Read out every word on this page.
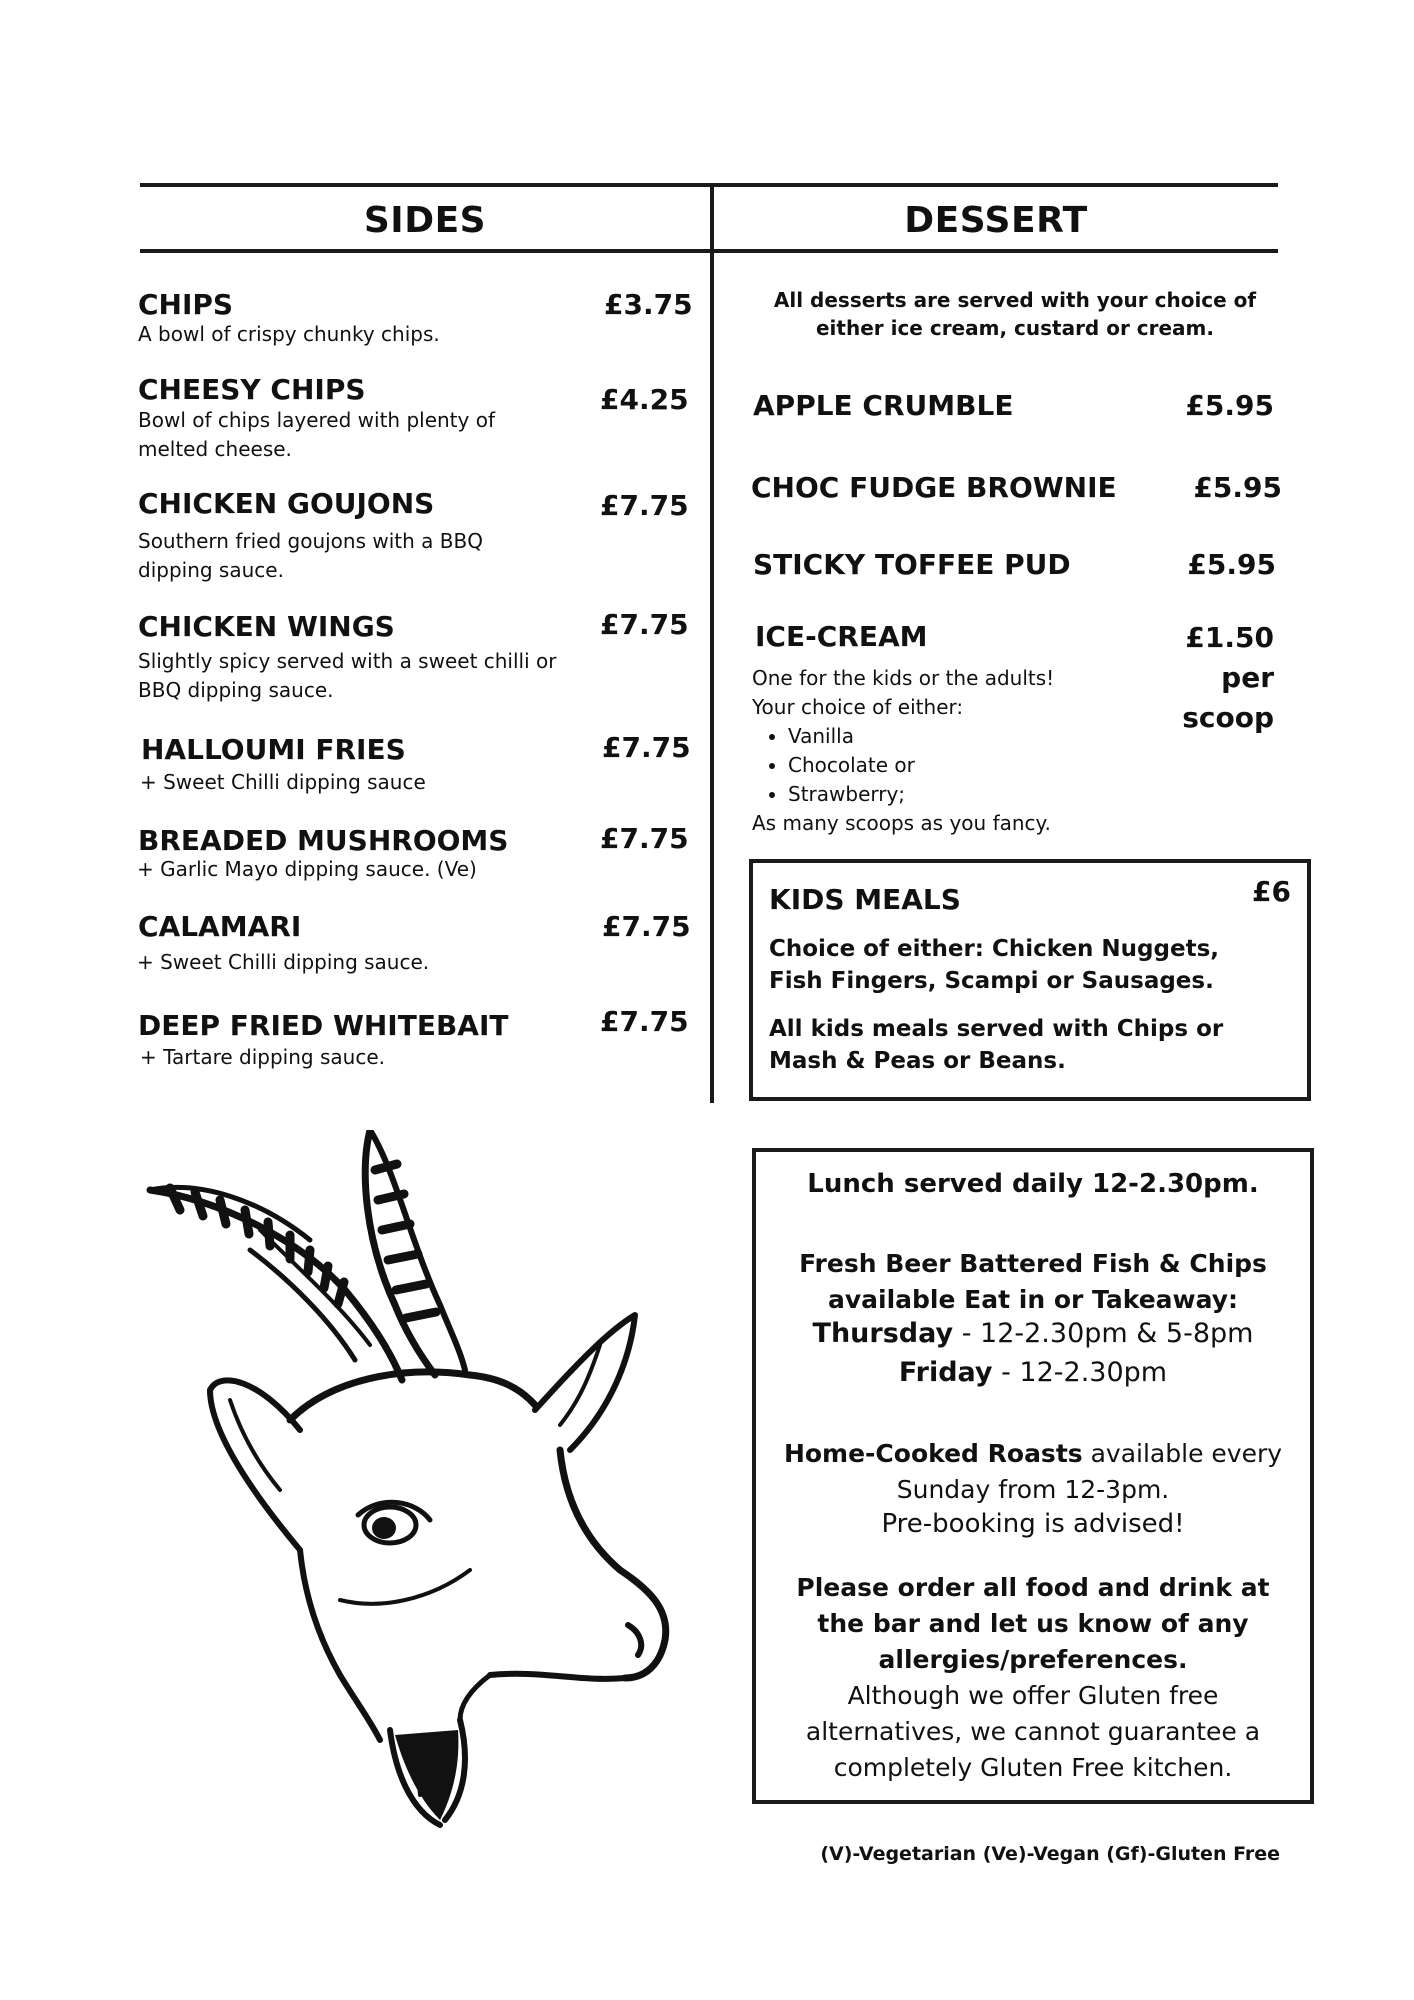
SIDES	DESSERT
CHIPS	£3.75
A bowl of crispy chunky chips.
CHEESY CHIPS	£4.25
Bowl of chips layered with plenty of melted cheese.
CHICKEN GOUJONS	£7.75
Southern fried goujons with a BBQ dipping sauce.
CHICKEN WINGS	£7.75
Slightly spicy served with a sweet chilli or BBQ dipping sauce.
HALLOUMI FRIES	£7.75
+ Sweet Chilli dipping sauce
BREADED MUSHROOMS	£7.75
+ Garlic Mayo dipping sauce. (Ve)
CALAMARI	£7.75
+ Sweet Chilli dipping sauce.
DEEP FRIED WHITEBAIT	£7.75
+ Tartare dipping sauce.
All desserts are served with your choice of either ice cream, custard or cream.
APPLE CRUMBLE	£5.95
CHOC FUDGE BROWNIE	£5.95
STICKY TOFFEE PUD	£5.95
ICE-CREAM	£1.50
per
scoop
One for the kids or the adults!
Your choice of either:
• Vanilla
• Chocolate or
• Strawberry;
As many scoops as you fancy.
KIDS MEALS	£6
Choice of either: Chicken Nuggets, Fish Fingers, Scampi or Sausages.
All kids meals served with Chips or Mash & Peas or Beans.

Lunch served daily 12-2.30pm.

Fresh Beer Battered Fish & Chips

available Eat in or Takeaway:

Thursday - 12-2.30pm & 5-8pm

Friday - 12-2.30pm

Home-Cooked Roasts available every Sunday from 12-3pm.

Pre-booking is advised!

Please order all food and drink at the bar and let us know of any allergies/preferences.

Although we offer Gluten free alternatives, we cannot guarantee a completely Gluten Free kitchen.

(V)-Vegetarian (Ve)-Vegan (Gf)-Gluten Free
